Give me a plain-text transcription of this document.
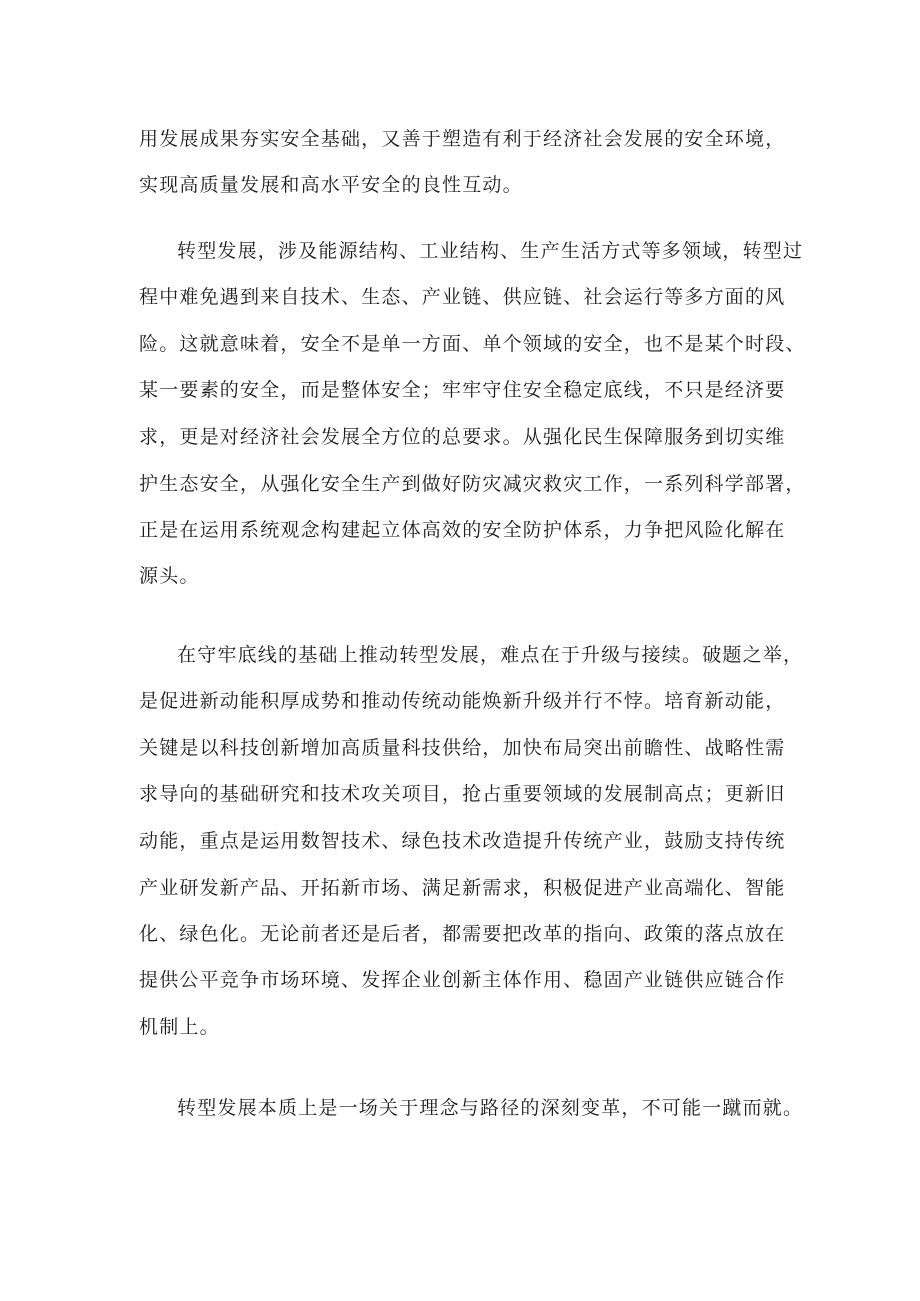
用发展成果夯实安全基础，又善于塑造有利于经济社会发展的安全环境，
实现高质量发展和高水平安全的良性互动。
转型发展，涉及能源结构、工业结构、生产生活方式等多领域，转型过
程中难免遇到来自技术、生态、产业链、供应链、社会运行等多方面的风
险。这就意味着，安全不是单一方面、单个领域的安全，也不是某个时段、
某一要素的安全，而是整体安全；牢牢守住安全稳定底线，不只是经济要
求，更是对经济社会发展全方位的总要求。从强化民生保障服务到切实维
护生态安全，从强化安全生产到做好防灾减灾救灾工作，一系列科学部署，
正是在运用系统观念构建起立体高效的安全防护体系，力争把风险化解在
源头。
在守牢底线的基础上推动转型发展，难点在于升级与接续。破题之举，
是促进新动能积厚成势和推动传统动能焕新升级并行不悖。培育新动能，
关键是以科技创新增加高质量科技供给，加快布局突出前瞻性、战略性需
求导向的基础研究和技术攻关项目，抢占重要领域的发展制高点；更新旧
动能，重点是运用数智技术、绿色技术改造提升传统产业，鼓励支持传统
产业研发新产品、开拓新市场、满足新需求，积极促进产业高端化、智能
化、绿色化。无论前者还是后者，都需要把改革的指向、政策的落点放在
提供公平竞争市场环境、发挥企业创新主体作用、稳固产业链供应链合作
机制上。
转型发展本质上是一场关于理念与路径的深刻变革，不可能一蹴而就。
